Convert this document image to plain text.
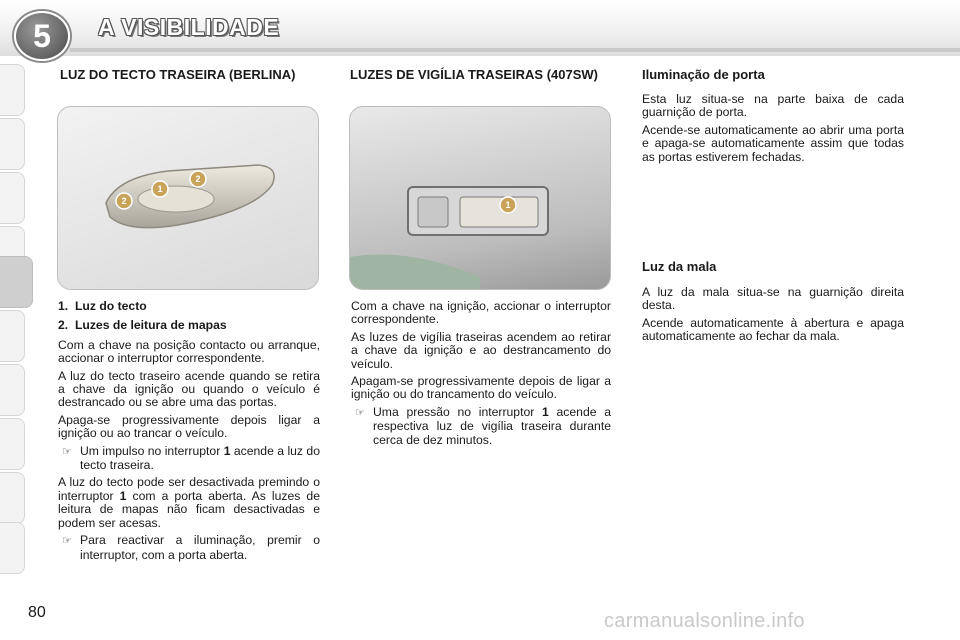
5	A VISIBILIDADE
LUZ DO TECTO TRASEIRA (BERLINA)
2
1
2

1. Luz do tecto

2. Luzes de leitura de mapas

Com a chave na posição contacto ou arranque, accionar o interruptor correspondente.

A luz do tecto traseiro acende quando se retira a chave da ignição ou quando o veículo é destrancado ou se abre uma das portas.

Apaga-se progressivamente depois ligar a ignição ou ao trancar o veículo.

☞ Um impulso no interruptor 1 acende a luz do tecto traseira.

A luz do tecto pode ser desactivada premindo o interruptor 1 com a porta aberta. As luzes de leitura de mapas não ficam desactivadas e podem ser acesas.

☞ Para reactivar a iluminação, premir o interruptor, com a porta aberta.

LUZES DE VIGÍLIA TRASEIRAS (407SW)
1

Com a chave na ignição, accionar o interruptor correspondente.

As luzes de vigília traseiras acendem ao retirar a chave da ignição e ao destrancamento do veículo.

Apagam-se progressivamente depois de ligar a ignição ou do trancamento do veículo.

☞ Uma pressão no interruptor 1 acende a respectiva luz de vigília traseira durante cerca de dez minutos.

Iluminação de porta

Esta luz situa-se na parte baixa de cada guarnição de porta.

Acende-se automaticamente ao abrir uma porta e apaga-se automaticamente assim que todas as portas estiverem fechadas.

Luz da mala

A luz da mala situa-se na guarnição direita desta.

Acende automaticamente à abertura e apaga automaticamente ao fechar da mala.

80	carmanualsonline.info
